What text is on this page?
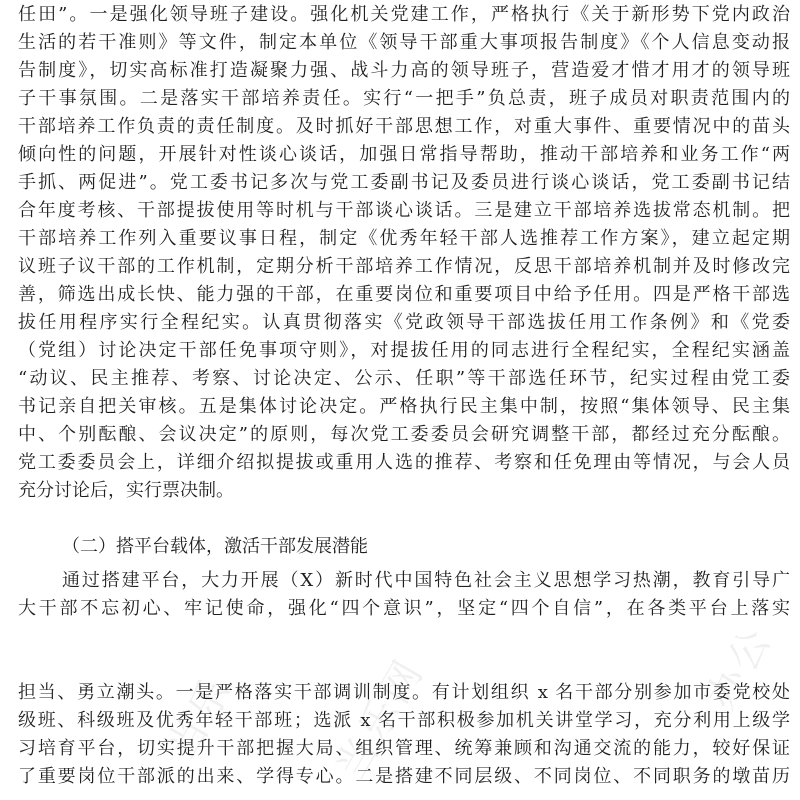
当乐 当乐网	办公
任田”。一是强化领导班子建设。强化机关党建工作，严格执行《关于新形势下党内政治
生活的若干准则》等文件，制定本单位《领导干部重大事项报告制度》《个人信息变动报
告制度》，切实高标准打造凝聚力强、战斗力高的领导班子，营造爱才惜才用才的领导班
子干事氛围。二是落实干部培养责任。实行“一把手”负总责，班子成员对职责范围内的
干部培养工作负责的责任制度。及时抓好干部思想工作，对重大事件、重要情况中的苗头
倾向性的问题，开展针对性谈心谈话，加强日常指导帮助，推动干部培养和业务工作“两
手抓、两促进”。党工委书记多次与党工委副书记及委员进行谈心谈话，党工委副书记结
合年度考核、干部提拔使用等时机与干部谈心谈话。三是建立干部培养选拔常态机制。把
干部培养工作列入重要议事日程，制定《优秀年轻干部人选推荐工作方案》，建立起定期
议班子议干部的工作机制，定期分析干部培养工作情况，反思干部培养机制并及时修改完
善，筛选出成长快、能力强的干部，在重要岗位和重要项目中给予任用。四是严格干部选
拔任用程序实行全程纪实。认真贯彻落实《党政领导干部选拔任用工作条例》和《党委
（党组）讨论决定干部任免事项守则》，对提拔任用的同志进行全程纪实，全程纪实涵盖
“动议、民主推荐、考察、讨论决定、公示、任职”等干部选任环节，纪实过程由党工委
书记亲自把关审核。五是集体讨论决定。严格执行民主集中制，按照“集体领导、民主集
中、个别酝酿、会议决定”的原则，每次党工委委员会研究调整干部，都经过充分酝酿。
党工委委员会上，详细介绍拟提拔或重用人选的推荐、考察和任免理由等情况，与会人员
充分讨论后，实行票决制。
（二）搭平台载体，激活干部发展潜能
通过搭建平台，大力开展（X）新时代中国特色社会主义思想学习热潮，教育引导广
大干部不忘初心、牢记使命，强化“四个意识”，坚定“四个自信”，在各类平台上落实
担当、勇立潮头。一是严格落实干部调训制度。有计划组织 x 名干部分别参加市委党校处
级班、科级班及优秀年轻干部班；选派 x 名干部积极参加机关讲堂学习，充分利用上级学
习培育平台，切实提升干部把握大局、组织管理、统筹兼顾和沟通交流的能力，较好保证
了重要岗位干部派的出来、学得专心。二是搭建不同层级、不同岗位、不同职务的墩苗历
